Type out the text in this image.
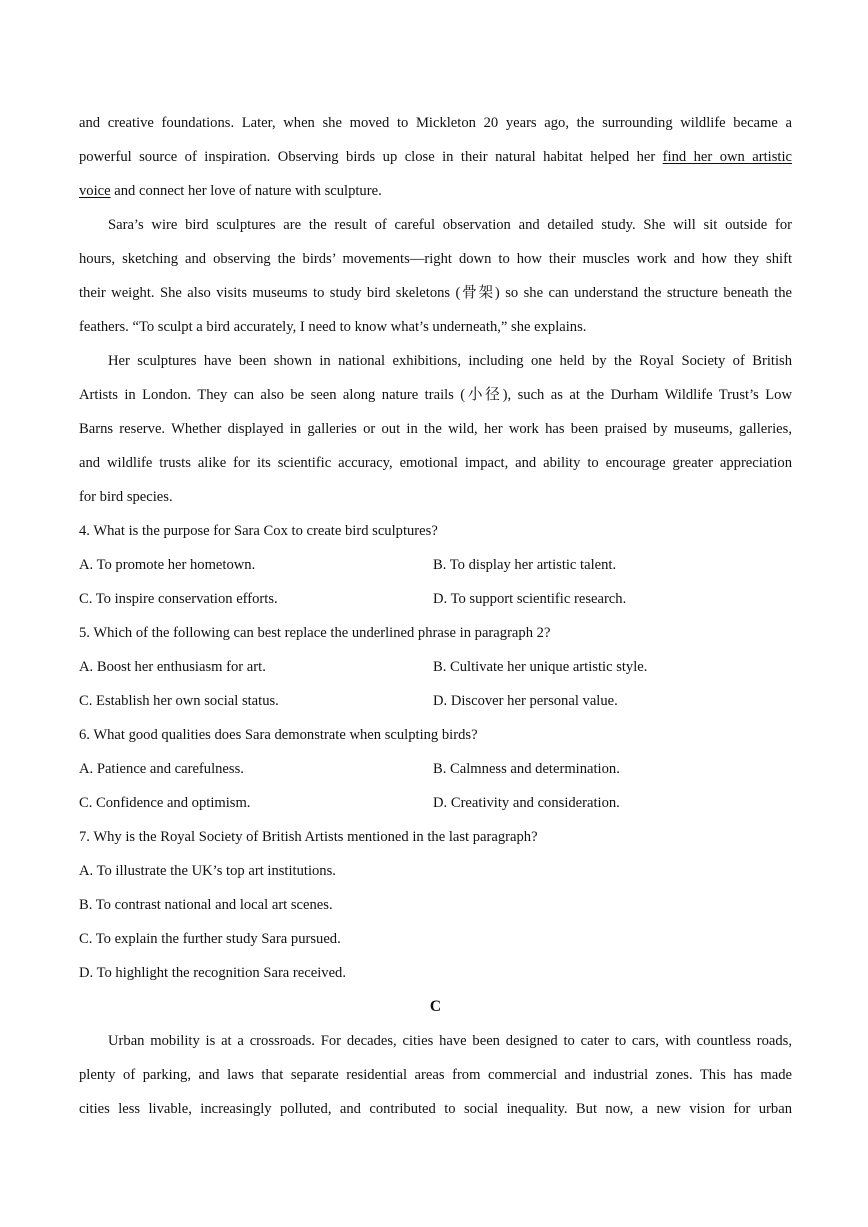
and creative foundations. Later, when she moved to Mickleton 20 years ago, the surrounding wildlife became a
powerful source of inspiration. Observing birds up close in their natural habitat helped her find her own artistic
voice and connect her love of nature with sculpture.
Sara’s wire bird sculptures are the result of careful observation and detailed study. She will sit outside for
hours, sketching and observing the birds’ movements—right down to how their muscles work and how they shift
their weight. She also visits museums to study bird skeletons (骨架) so she can understand the structure beneath the
feathers. “To sculpt a bird accurately, I need to know what’s underneath,” she explains.
Her sculptures have been shown in national exhibitions, including one held by the Royal Society of British
Artists in London. They can also be seen along nature trails (小径), such as at the Durham Wildlife Trust’s Low
Barns reserve. Whether displayed in galleries or out in the wild, her work has been praised by museums, galleries,
and wildlife trusts alike for its scientific accuracy, emotional impact, and ability to encourage greater appreciation
for bird species.
4. What is the purpose for Sara Cox to create bird sculptures?
A. To promote her hometown.	B. To display her artistic talent.
C. To inspire conservation efforts.	D. To support scientific research.
5. Which of the following can best replace the underlined phrase in paragraph 2?
A. Boost her enthusiasm for art.	B. Cultivate her unique artistic style.
C. Establish her own social status.	D. Discover her personal value.
6. What good qualities does Sara demonstrate when sculpting birds?
A. Patience and carefulness.	B. Calmness and determination.
C. Confidence and optimism.	D. Creativity and consideration.
7. Why is the Royal Society of British Artists mentioned in the last paragraph?
A. To illustrate the UK’s top art institutions.
B. To contrast national and local art scenes.
C. To explain the further study Sara pursued.
D. To highlight the recognition Sara received.
C
Urban mobility is at a crossroads. For decades, cities have been designed to cater to cars, with countless roads,
plenty of parking, and laws that separate residential areas from commercial and industrial zones. This has made
cities less livable, increasingly polluted, and contributed to social inequality. But now, a new vision for urban
